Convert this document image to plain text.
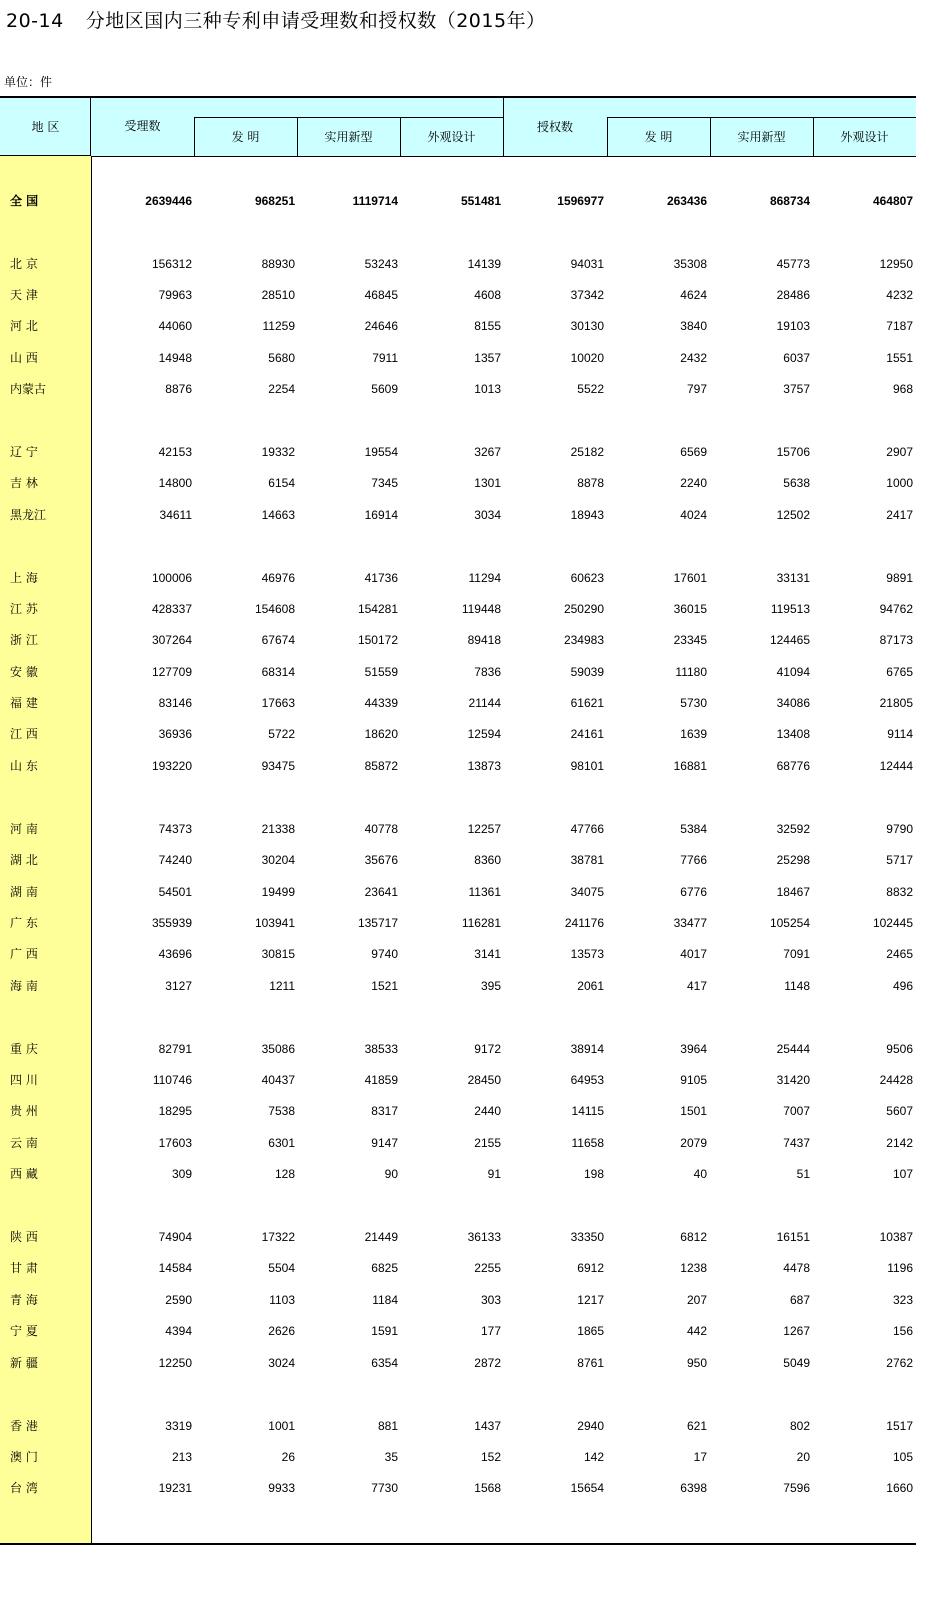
20-14 分地区国内三种专利申请受理数和授权数（2015年）
单位：件
地 区	受理数
发 明	实用新型	外观设计
授权数
发 明	实用新型	外观设计
全 国	2639446	968251	1119714	551481	1596977	263436	868734	464807
北 京	156312	88930	53243	14139	94031	35308	45773	12950
天 津	79963	28510	46845	4608	37342	4624	28486	4232
河 北	44060	11259	24646	8155	30130	3840	19103	7187
山 西	14948	5680	7911	1357	10020	2432	6037	1551
内蒙古	8876	2254	5609	1013	5522	797	3757	968
辽 宁	42153	19332	19554	3267	25182	6569	15706	2907
吉 林	14800	6154	7345	1301	8878	2240	5638	1000
黑龙江	34611	14663	16914	3034	18943	4024	12502	2417
上 海	100006	46976	41736	11294	60623	17601	33131	9891
江 苏	428337	154608	154281	119448	250290	36015	119513	94762
浙 江	307264	67674	150172	89418	234983	23345	124465	87173
安 徽	127709	68314	51559	7836	59039	11180	41094	6765
福 建	83146	17663	44339	21144	61621	5730	34086	21805
江 西	36936	5722	18620	12594	24161	1639	13408	9114
山 东	193220	93475	85872	13873	98101	16881	68776	12444
河 南	74373	21338	40778	12257	47766	5384	32592	9790
湖 北	74240	30204	35676	8360	38781	7766	25298	5717
湖 南	54501	19499	23641	11361	34075	6776	18467	8832
广 东	355939	103941	135717	116281	241176	33477	105254	102445
广 西	43696	30815	9740	3141	13573	4017	7091	2465
海 南	3127	1211	1521	395	2061	417	1148	496
重 庆	82791	35086	38533	9172	38914	3964	25444	9506
四 川	110746	40437	41859	28450	64953	9105	31420	24428
贵 州	18295	7538	8317	2440	14115	1501	7007	5607
云 南	17603	6301	9147	2155	11658	2079	7437	2142
西 藏	309	128	90	91	198	40	51	107
陕 西	74904	17322	21449	36133	33350	6812	16151	10387
甘 肃	14584	5504	6825	2255	6912	1238	4478	1196
青 海	2590	1103	1184	303	1217	207	687	323
宁 夏	4394	2626	1591	177	1865	442	1267	156
新 疆	12250	3024	6354	2872	8761	950	5049	2762
香 港	3319	1001	881	1437	2940	621	802	1517
澳 门	213	26	35	152	142	17	20	105
台 湾	19231	9933	7730	1568	15654	6398	7596	1660
